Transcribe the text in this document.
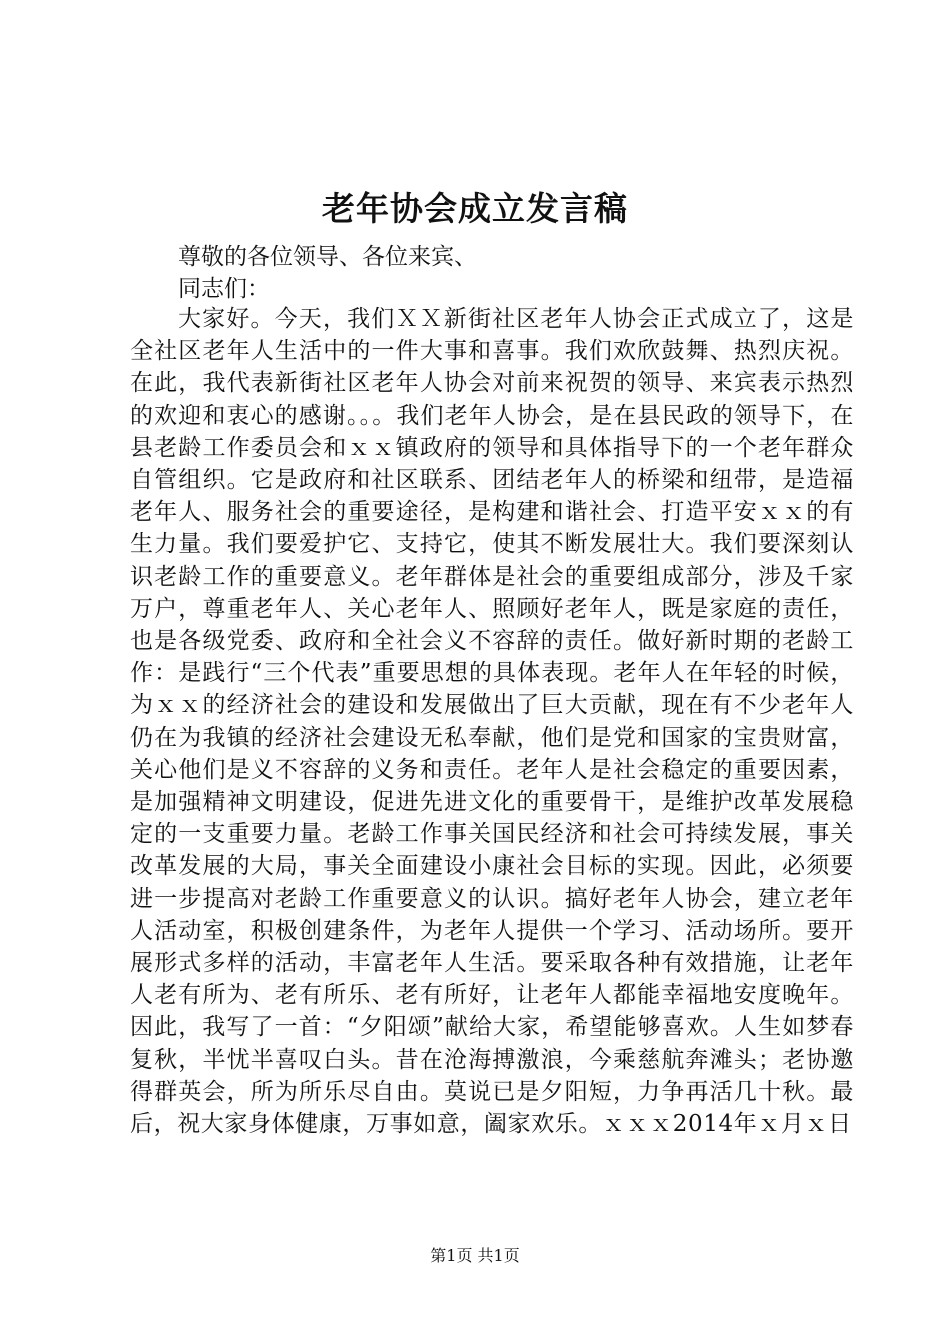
老年协会成立发言稿

尊敬的各位领导、各位来宾、

同志们：

大家好。今天，我们ＸＸ新街社区老年人协会正式成立了，这是全社区老年人生活中的一件大事和喜事。我们欢欣鼓舞、热烈庆祝。在此，我代表新街社区老年人协会对前来祝贺的领导、来宾表示热烈的欢迎和衷心的感谢。。。我们老年人协会，是在县民政的领导下，在县老龄工作委员会和ｘｘ镇政府的领导和具体指导下的一个老年群众自管组织。它是政府和社区联系、团结老年人的桥梁和纽带，是造福老年人、服务社会的重要途径，是构建和谐社会、打造平安ｘｘ的有生力量。我们要爱护它、支持它，使其不断发展壮大。我们要深刻认识老龄工作的重要意义。老年群体是社会的重要组成部分，涉及千家万户，尊重老年人、关心老年人、照顾好老年人，既是家庭的责任，也是各级党委、政府和全社会义不容辞的责任。做好新时期的老龄工作：是践行“三个代表”重要思想的具体表现。老年人在年轻的时候，为ｘｘ的经济社会的建设和发展做出了巨大贡献，现在有不少老年人仍在为我镇的经济社会建设无私奉献，他们是党和国家的宝贵财富，关心他们是义不容辞的义务和责任。老年人是社会稳定的重要因素，是加强精神文明建设，促进先进文化的重要骨干，是维护改革发展稳定的一支重要力量。老龄工作事关国民经济和社会可持续发展，事关改革发展的大局，事关全面建设小康社会目标的实现。因此，必须要进一步提高对老龄工作重要意义的认识。搞好老年人协会，建立老年人活动室，积极创建条件，为老年人提供一个学习、活动场所。要开展形式多样的活动，丰富老年人生活。要采取各种有效措施，让老年人老有所为、老有所乐、老有所好，让老年人都能幸福地安度晚年。因此，我写了一首：“夕阳颂”献给大家，希望能够喜欢。人生如梦春复秋，半忧半喜叹白头。昔在沧海搏激浪，今乘慈航奔滩头；老协邀得群英会，所为所乐尽自由。莫说已是夕阳短，力争再活几十秋。最后，祝大家身体健康，万事如意，阖家欢乐。ｘｘｘ2014年ｘ月ｘ日

第1页 共1页
